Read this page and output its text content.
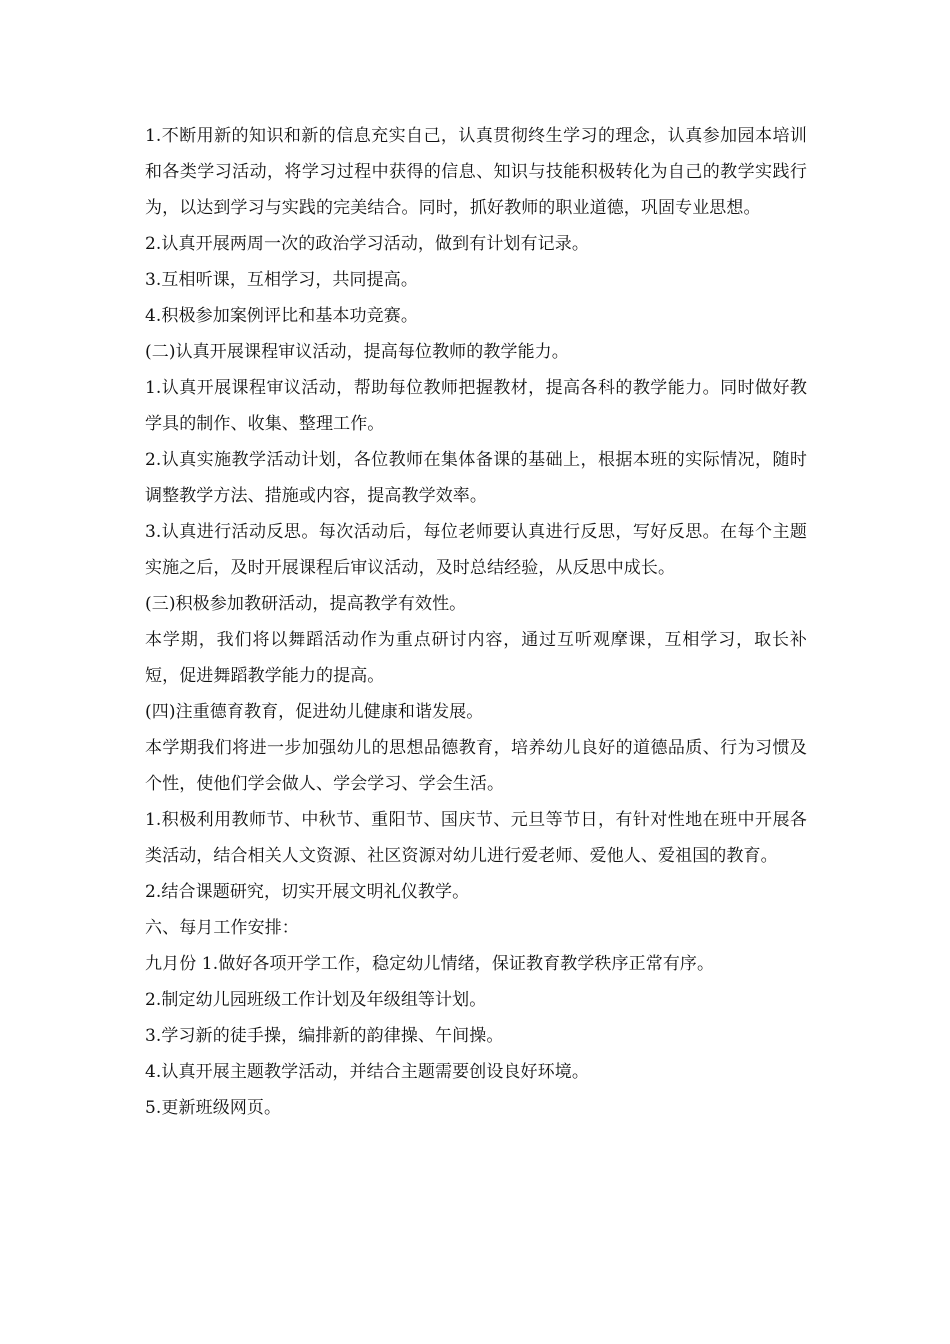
1.不断用新的知识和新的信息充实自己，认真贯彻终生学习的理念，认真参加园本培训和各类学习活动，将学习过程中获得的信息、知识与技能积极转化为自己的教学实践行为，以达到学习与实践的完美结合。同时，抓好教师的职业道德，巩固专业思想。

2.认真开展两周一次的政治学习活动，做到有计划有记录。

3.互相听课，互相学习，共同提高。

4.积极参加案例评比和基本功竞赛。

(二)认真开展课程审议活动，提高每位教师的教学能力。

1.认真开展课程审议活动，帮助每位教师把握教材，提高各科的教学能力。同时做好教学具的制作、收集、整理工作。

2.认真实施教学活动计划，各位教师在集体备课的基础上，根据本班的实际情况，随时调整教学方法、措施或内容，提高教学效率。

3.认真进行活动反思。每次活动后，每位老师要认真进行反思，写好反思。在每个主题实施之后，及时开展课程后审议活动，及时总结经验，从反思中成长。

(三)积极参加教研活动，提高教学有效性。

本学期，我们将以舞蹈活动作为重点研讨内容，通过互听观摩课，互相学习，取长补短，促进舞蹈教学能力的提高。

(四)注重德育教育，促进幼儿健康和谐发展。

本学期我们将进一步加强幼儿的思想品德教育，培养幼儿良好的道德品质、行为习惯及个性，使他们学会做人、学会学习、学会生活。

1.积极利用教师节、中秋节、重阳节、国庆节、元旦等节日，有针对性地在班中开展各类活动，结合相关人文资源、社区资源对幼儿进行爱老师、爱他人、爱祖国的教育。

2.结合课题研究，切实开展文明礼仪教学。

六、每月工作安排：

九月份 1.做好各项开学工作，稳定幼儿情绪，保证教育教学秩序正常有序。

2.制定幼儿园班级工作计划及年级组等计划。

3.学习新的徒手操，编排新的韵律操、午间操。

4.认真开展主题教学活动，并结合主题需要创设良好环境。

5.更新班级网页。
